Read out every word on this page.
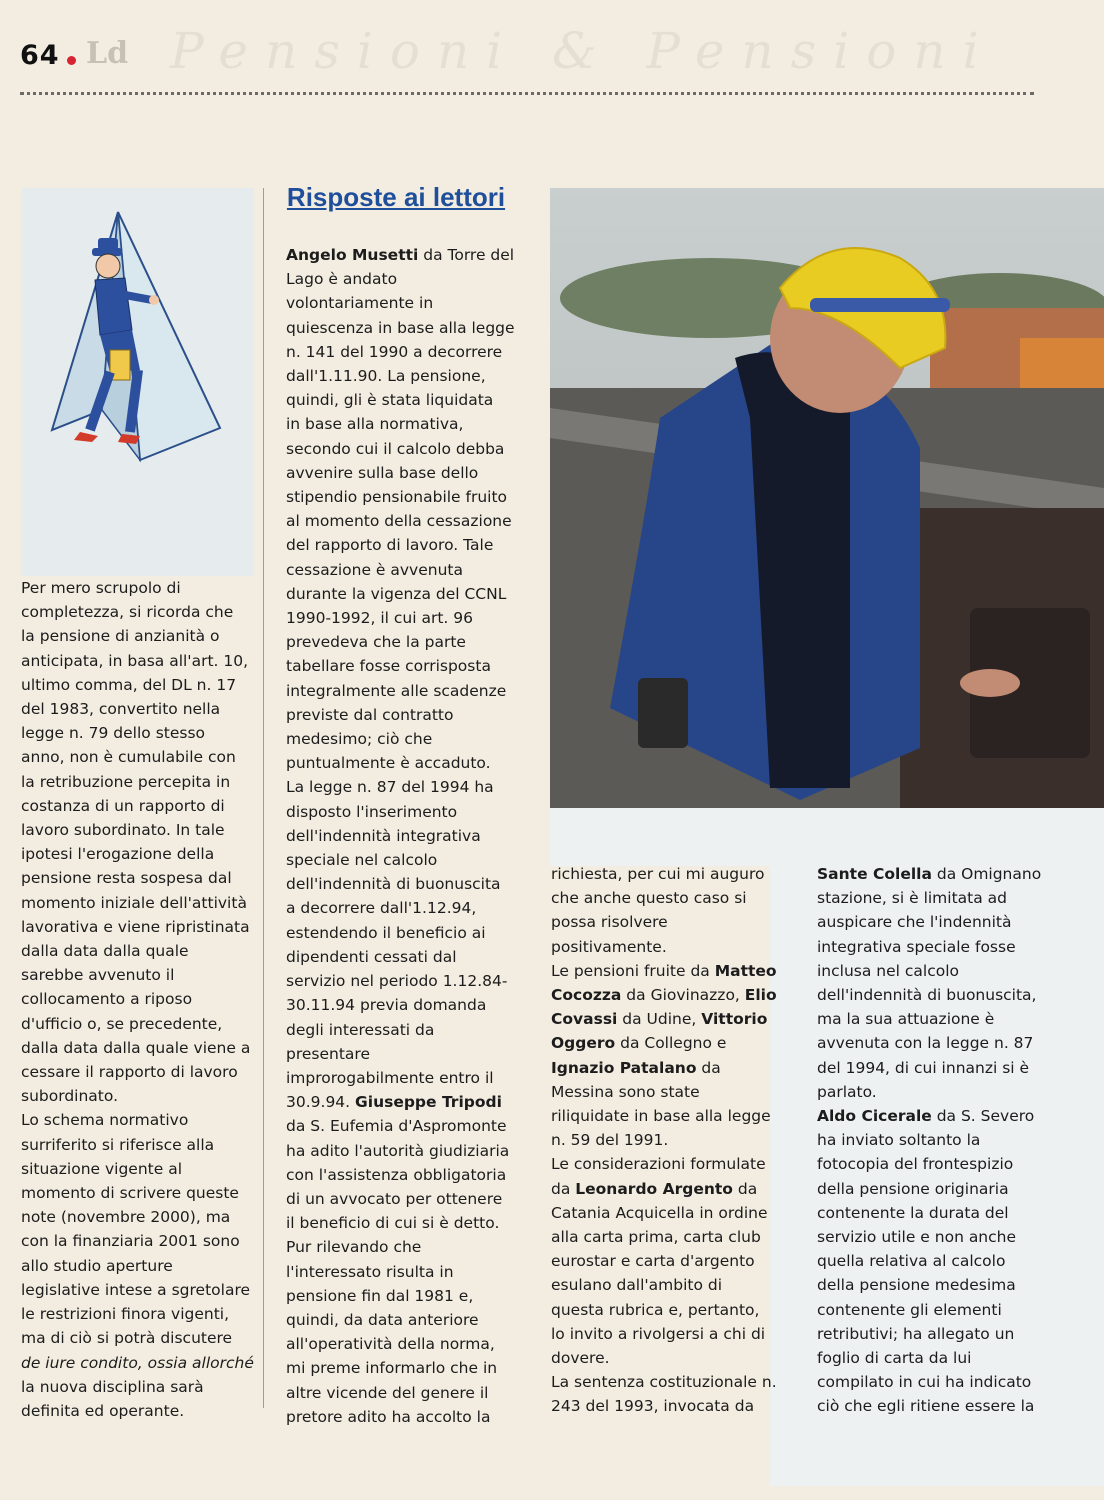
64 Ld Pensioni & Pensioni

Risposte ai lettori

Per mero scrupolo di
completezza, si ricorda che
la pensione di anzianità o
anticipata, in basa all'art. 10,
ultimo comma, del DL n. 17
del 1983, convertito nella
legge n. 79 dello stesso
anno, non è cumulabile con
la retribuzione percepita in
costanza di un rapporto di
lavoro subordinato. In tale
ipotesi l'erogazione della
pensione resta sospesa dal
momento iniziale dell'attività
lavorativa e viene ripristinata
dalla data dalla quale
sarebbe avvenuto il
collocamento a riposo
d'ufficio o, se precedente,
dalla data dalla quale viene a
cessare il rapporto di lavoro
subordinato.
Lo schema normativo
surriferito si riferisce alla
situazione vigente al
momento di scrivere queste
note (novembre 2000), ma
con la finanziaria 2001 sono
allo studio aperture
legislative intese a sgretolare
le restrizioni finora vigenti,
ma di ciò si potrà discutere
de iure condito, ossia allorché
la nuova disciplina sarà
definita ed operante.

Angelo Musetti da Torre del
Lago è andato
volontariamente in
quiescenza in base alla legge
n. 141 del 1990 a decorrere
dall'1.11.90. La pensione,
quindi, gli è stata liquidata
in base alla normativa,
secondo cui il calcolo debba
avvenire sulla base dello
stipendio pensionabile fruito
al momento della cessazione
del rapporto di lavoro. Tale
cessazione è avvenuta
durante la vigenza del CCNL
1990-1992, il cui art. 96
prevedeva che la parte
tabellare fosse corrisposta
integralmente alle scadenze
previste dal contratto
medesimo; ciò che
puntualmente è accaduto.
La legge n. 87 del 1994 ha
disposto l'inserimento
dell'indennità integrativa
speciale nel calcolo
dell'indennità di buonuscita
a decorrere dall'1.12.94,
estendendo il beneficio ai
dipendenti cessati dal
servizio nel periodo 1.12.84-
30.11.94 previa domanda
degli interessati da
presentare
improrogabilmente entro il
30.9.94. Giuseppe Tripodi
da S. Eufemia d'Aspromonte
ha adito l'autorità giudiziaria
con l'assistenza obbligatoria
di un avvocato per ottenere
il beneficio di cui si è detto.
Pur rilevando che
l'interessato risulta in
pensione fin dal 1981 e,
quindi, da data anteriore
all'operatività della norma,
mi preme informarlo che in
altre vicende del genere il
pretore adito ha accolto la

richiesta, per cui mi auguro
che anche questo caso si
possa risolvere
positivamente.
Le pensioni fruite da Matteo
Cocozza da Giovinazzo, Elio
Covassi da Udine, Vittorio
Oggero da Collegno e
Ignazio Patalano da
Messina sono state
riliquidate in base alla legge
n. 59 del 1991.
Le considerazioni formulate
da Leonardo Argento da
Catania Acquicella in ordine
alla carta prima, carta club
eurostar e carta d'argento
esulano dall'ambito di
questa rubrica e, pertanto,
lo invito a rivolgersi a chi di
dovere.
La sentenza costituzionale n.
243 del 1993, invocata da

Sante Colella da Omignano
stazione, si è limitata ad
auspicare che l'indennità
integrativa speciale fosse
inclusa nel calcolo
dell'indennità di buonuscita,
ma la sua attuazione è
avvenuta con la legge n. 87
del 1994, di cui innanzi si è
parlato.
Aldo Cicerale da S. Severo
ha inviato soltanto la
fotocopia del frontespizio
della pensione originaria
contenente la durata del
servizio utile e non anche
quella relativa al calcolo
della pensione medesima
contenente gli elementi
retributivi; ha allegato un
foglio di carta da lui
compilato in cui ha indicato
ciò che egli ritiene essere la
